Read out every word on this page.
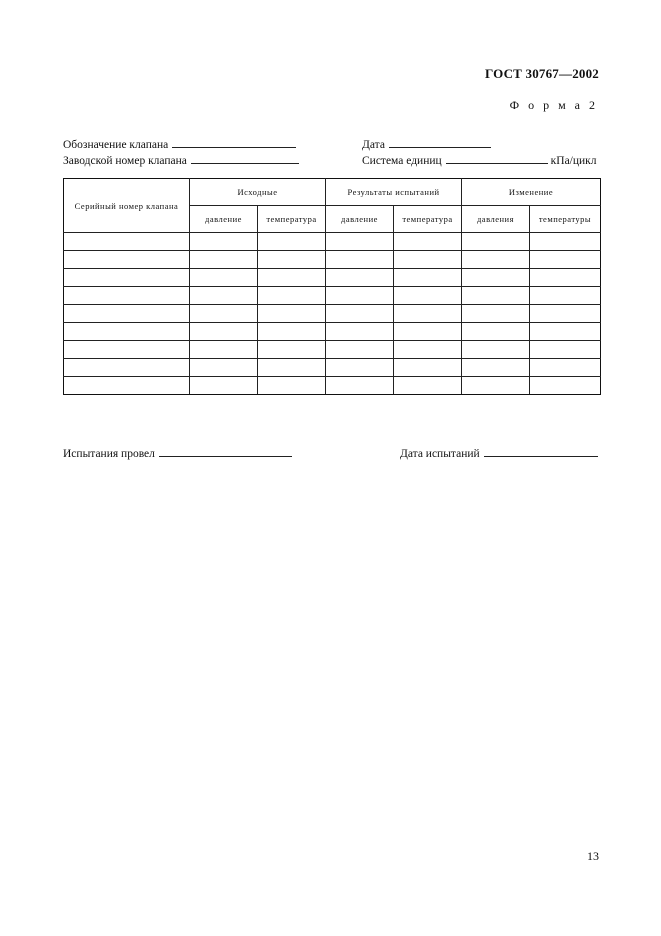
ГОСТ 30767—2002
Ф о р м а 2
Обозначение клапана	Дата
Заводской номер клапана	Система единиц	кПа/цикл
Серийный номер клапана	Исходные		Результаты испытаний		Изменение	
	давление	температура	давление	температура	давления	температуры

Испытания провел	Дата испытаний
13
